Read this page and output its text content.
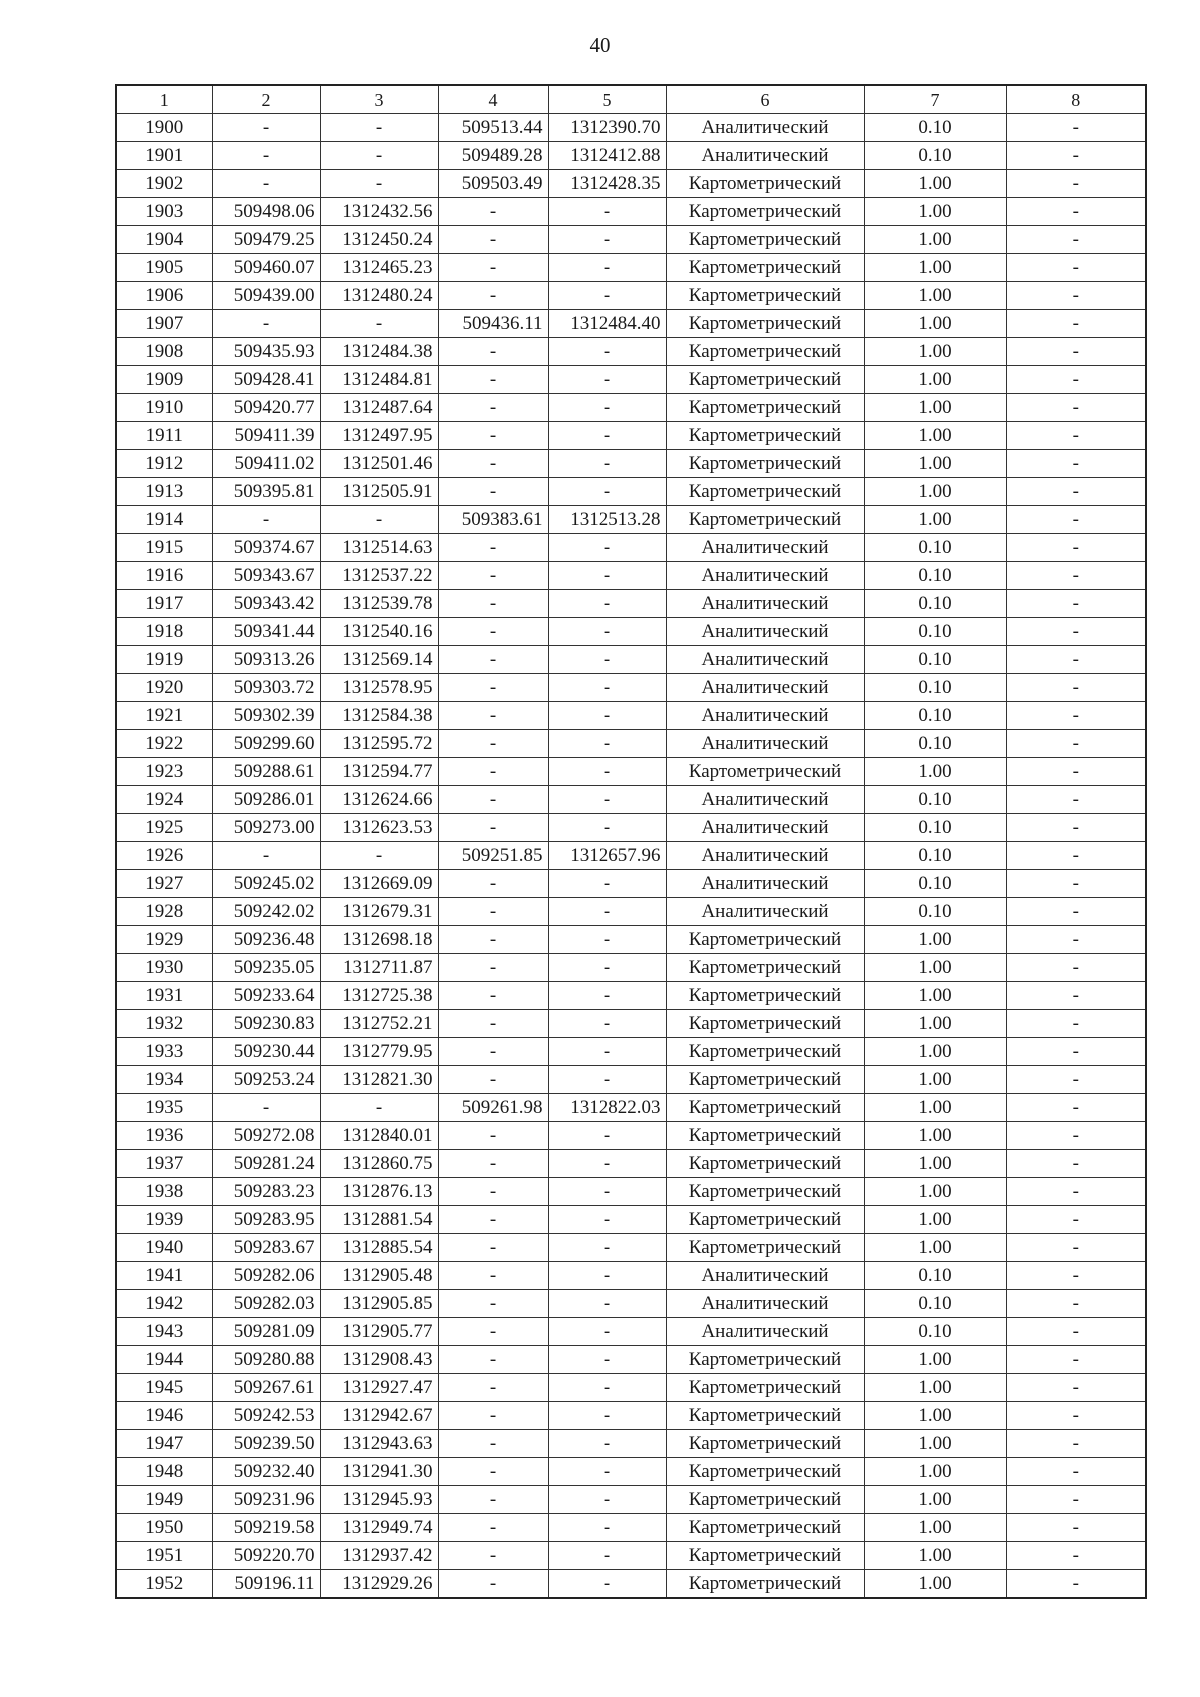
40
1	2	3	4	5	6	7	8
1900	-	-	509513.44	1312390.70	Аналитический	0.10	-
1901	-	-	509489.28	1312412.88	Аналитический	0.10	-
1902	-	-	509503.49	1312428.35	Картометрический	1.00	-
1903	509498.06	1312432.56	-	-	Картометрический	1.00	-
1904	509479.25	1312450.24	-	-	Картометрический	1.00	-
1905	509460.07	1312465.23	-	-	Картометрический	1.00	-
1906	509439.00	1312480.24	-	-	Картометрический	1.00	-
1907	-	-	509436.11	1312484.40	Картометрический	1.00	-
1908	509435.93	1312484.38	-	-	Картометрический	1.00	-
1909	509428.41	1312484.81	-	-	Картометрический	1.00	-
1910	509420.77	1312487.64	-	-	Картометрический	1.00	-
1911	509411.39	1312497.95	-	-	Картометрический	1.00	-
1912	509411.02	1312501.46	-	-	Картометрический	1.00	-
1913	509395.81	1312505.91	-	-	Картометрический	1.00	-
1914	-	-	509383.61	1312513.28	Картометрический	1.00	-
1915	509374.67	1312514.63	-	-	Аналитический	0.10	-
1916	509343.67	1312537.22	-	-	Аналитический	0.10	-
1917	509343.42	1312539.78	-	-	Аналитический	0.10	-
1918	509341.44	1312540.16	-	-	Аналитический	0.10	-
1919	509313.26	1312569.14	-	-	Аналитический	0.10	-
1920	509303.72	1312578.95	-	-	Аналитический	0.10	-
1921	509302.39	1312584.38	-	-	Аналитический	0.10	-
1922	509299.60	1312595.72	-	-	Аналитический	0.10	-
1923	509288.61	1312594.77	-	-	Картометрический	1.00	-
1924	509286.01	1312624.66	-	-	Аналитический	0.10	-
1925	509273.00	1312623.53	-	-	Аналитический	0.10	-
1926	-	-	509251.85	1312657.96	Аналитический	0.10	-
1927	509245.02	1312669.09	-	-	Аналитический	0.10	-
1928	509242.02	1312679.31	-	-	Аналитический	0.10	-
1929	509236.48	1312698.18	-	-	Картометрический	1.00	-
1930	509235.05	1312711.87	-	-	Картометрический	1.00	-
1931	509233.64	1312725.38	-	-	Картометрический	1.00	-
1932	509230.83	1312752.21	-	-	Картометрический	1.00	-
1933	509230.44	1312779.95	-	-	Картометрический	1.00	-
1934	509253.24	1312821.30	-	-	Картометрический	1.00	-
1935	-	-	509261.98	1312822.03	Картометрический	1.00	-
1936	509272.08	1312840.01	-	-	Картометрический	1.00	-
1937	509281.24	1312860.75	-	-	Картометрический	1.00	-
1938	509283.23	1312876.13	-	-	Картометрический	1.00	-
1939	509283.95	1312881.54	-	-	Картометрический	1.00	-
1940	509283.67	1312885.54	-	-	Картометрический	1.00	-
1941	509282.06	1312905.48	-	-	Аналитический	0.10	-
1942	509282.03	1312905.85	-	-	Аналитический	0.10	-
1943	509281.09	1312905.77	-	-	Аналитический	0.10	-
1944	509280.88	1312908.43	-	-	Картометрический	1.00	-
1945	509267.61	1312927.47	-	-	Картометрический	1.00	-
1946	509242.53	1312942.67	-	-	Картометрический	1.00	-
1947	509239.50	1312943.63	-	-	Картометрический	1.00	-
1948	509232.40	1312941.30	-	-	Картометрический	1.00	-
1949	509231.96	1312945.93	-	-	Картометрический	1.00	-
1950	509219.58	1312949.74	-	-	Картометрический	1.00	-
1951	509220.70	1312937.42	-	-	Картометрический	1.00	-
1952	509196.11	1312929.26	-	-	Картометрический	1.00	-
